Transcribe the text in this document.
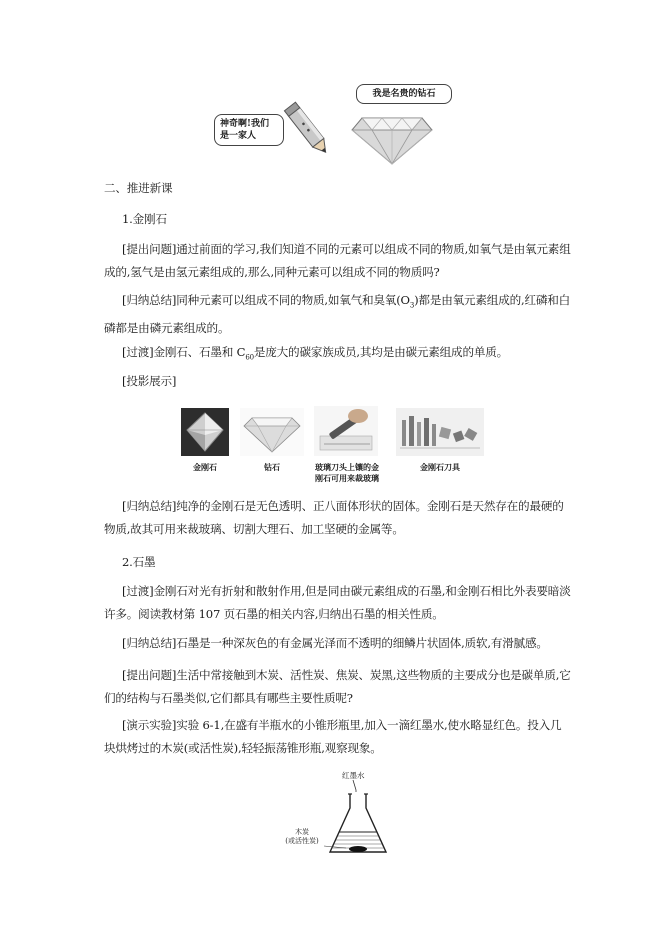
神奇啊!我们
是一家人
我是名贵的钻石
二、推进新课
1.金刚石
[提出问题]通过前面的学习,我们知道不同的元素可以组成不同的物质,如氧气是由氧元素组成的,氢气是由氢元素组成的,那么,同种元素可以组成不同的物质吗?
[归纳总结]同种元素可以组成不同的物质,如氧气和臭氧$(O_3)$都是由氧元素组成的,红磷和白磷都是由磷元素组成的。
[过渡]金刚石、石墨和 $C_{60}$是庞大的碳家族成员,其均是由碳元素组成的单质。
[投影展示]
金刚石	钻石	玻璃刀头上镶的金
刚石可用来裁玻璃
金刚石刀具
[归纳总结]纯净的金刚石是无色透明、正八面体形状的固体。金刚石是天然存在的最硬的物质,故其可用来裁玻璃、切割大理石、加工坚硬的金属等。
2.石墨
[过渡]金刚石对光有折射和散射作用,但是同由碳元素组成的石墨,和金刚石相比外表要暗淡许多。阅读教材第 107 页石墨的相关内容,归纳出石墨的相关性质。
[归纳总结]石墨是一种深灰色的有金属光泽而不透明的细鳞片状固体,质软,有滑腻感。
[提出问题]生活中常接触到木炭、活性炭、焦炭、炭黑,这些物质的主要成分也是碳单质,它们的结构与石墨类似,它们都具有哪些主要性质呢?
[演示实验]实验 6-1,在盛有半瓶水的小锥形瓶里,加入一滴红墨水,使水略显红色。投入几块烘烤过的木炭(或活性炭),轻轻振荡锥形瓶,观察现象。
红墨水
木炭
(或活性炭)
